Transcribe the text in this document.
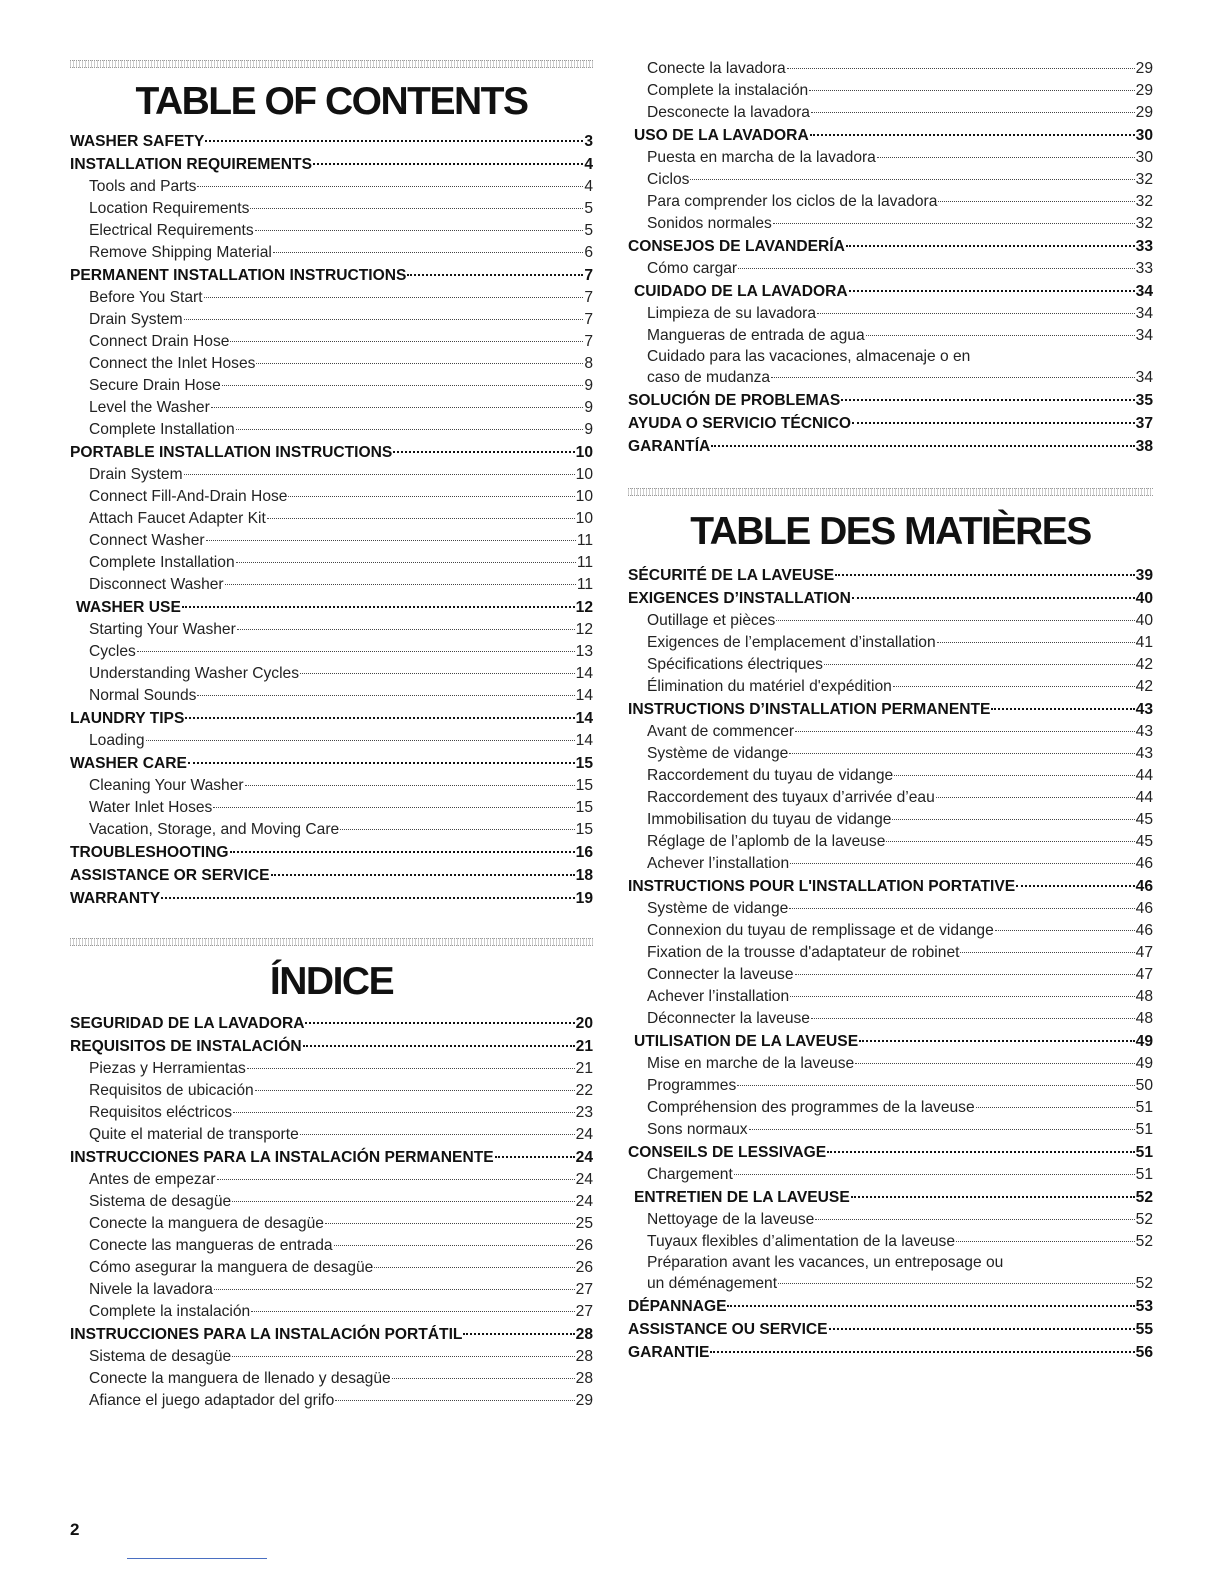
TABLE OF CONTENTS
WASHER SAFETY	3
INSTALLATION REQUIREMENTS	4
Tools and Parts	4
Location Requirements	5
Electrical Requirements	5
Remove Shipping Material	6
PERMANENT INSTALLATION INSTRUCTIONS	7
Before You Start	7
Drain System	7
Connect Drain Hose	7
Connect the Inlet Hoses	8
Secure Drain Hose	9
Level the Washer	9
Complete Installation	9
PORTABLE INSTALLATION INSTRUCTIONS	10
Drain System	10
Connect Fill-And-Drain Hose	10
Attach Faucet Adapter Kit	10
Connect Washer	11
Complete Installation	11
Disconnect Washer	11
WASHER USE	12
Starting Your Washer	12
Cycles	13
Understanding Washer Cycles	14
Normal Sounds	14
LAUNDRY TIPS	14
Loading	14
WASHER CARE	15
Cleaning Your Washer	15
Water Inlet Hoses	15
Vacation, Storage, and Moving Care	15
TROUBLESHOOTING	16
ASSISTANCE OR SERVICE	18
WARRANTY	19
ÍNDICE
SEGURIDAD DE LA LAVADORA	20
REQUISITOS DE INSTALACIÓN	21
Piezas y Herramientas	21
Requisitos de ubicación	22
Requisitos eléctricos	23
Quite el material de transporte	24
INSTRUCCIONES PARA LA INSTALACIÓN PERMANENTE	24
Antes de empezar	24
Sistema de desagüe	24
Conecte la manguera de desagüe	25
Conecte las mangueras de entrada	26
Cómo asegurar la manguera de desagüe	26
Nivele la lavadora	27
Complete la instalación	27
INSTRUCCIONES PARA LA INSTALACIÓN PORTÁTIL	28
Sistema de desagüe	28
Conecte la manguera de llenado y desagüe	28
Afiance el juego adaptador del grifo	29
Conecte la lavadora	29
Complete la instalación	29
Desconecte la lavadora	29
USO DE LA LAVADORA	30
Puesta en marcha de la lavadora	30
Ciclos	32
Para comprender los ciclos de la lavadora	32
Sonidos normales	32
CONSEJOS DE LAVANDERÍA	33
Cómo cargar	33
CUIDADO DE LA LAVADORA	34
Limpieza de su lavadora	34
Mangueras de entrada de agua	34
Cuidado para las vacaciones, almacenaje o en
caso de mudanza	34
SOLUCIÓN DE PROBLEMAS	35
AYUDA O SERVICIO TÉCNICO	37
GARANTÍA	38
TABLE DES MATIÈRES
SÉCURITÉ DE LA LAVEUSE	39
EXIGENCES D’INSTALLATION	40
Outillage et pièces	40
Exigences de l’emplacement d’installation	41
Spécifications électriques	42
Élimination du matériel d'expédition	42
INSTRUCTIONS D’INSTALLATION PERMANENTE	43
Avant de commencer	43
Système de vidange	43
Raccordement du tuyau de vidange	44
Raccordement des tuyaux d’arrivée d’eau	44
Immobilisation du tuyau de vidange	45
Réglage de l’aplomb de la laveuse	45
Achever l’installation	46
INSTRUCTIONS POUR L'INSTALLATION PORTATIVE	46
Système de vidange	46
Connexion du tuyau de remplissage et de vidange	46
Fixation de la trousse d'adaptateur de robinet	47
Connecter la laveuse	47
Achever l’installation	48
Déconnecter la laveuse	48
UTILISATION DE LA LAVEUSE	49
Mise en marche de la laveuse	49
Programmes	50
Compréhension des programmes de la laveuse	51
Sons normaux	51
CONSEILS DE LESSIVAGE	51
Chargement	51
ENTRETIEN DE LA LAVEUSE	52
Nettoyage de la laveuse	52
Tuyaux flexibles d’alimentation de la laveuse	52
Préparation avant les vacances, un entreposage ou
un déménagement	52
DÉPANNAGE	53
ASSISTANCE OU SERVICE	55
GARANTIE	56
2
